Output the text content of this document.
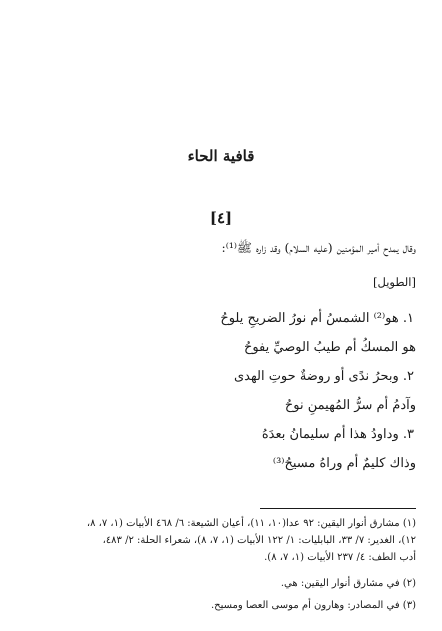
قافية الحاء
[٤]
وقال يمدح أمير المؤمنين (عليه السلام) وقد زاره ﷺ⁽¹⁾:
[الطويل]
١. هو⁽²⁾ الشمسُ أم نورُ الضريحِ يلوحُ
هو المسكُ أم طيبُ الوصيِّ يفوحُ
٢. وبحرُ ندًى أو روضةٌ حوتِ الهدى
وآدمُ أم سرُّ المُهيمنِ نوحُ
٣. وداودُ هذا أم سليمانُ بعدَهُ
وذاك كليمٌ أم وراهُ مسيحُ⁽³⁾
(١) مشارق أنوار اليقين: ٩٢ عدا(١٠، ١١)، أعيان الشيعة: ٦/ ٤٦٨ الأبيات (١، ٧، ٨،
١٢)، الغدير: ٧/ ٣٣، البابليات: ١/ ١٢٢ الأبيات (١، ٧، ٨)، شعراء الحلة: ٢/ ٤٨٣،
أدب الطف: ٤/ ٢٣٧ الأبيات (١، ٧، ٨).
(٢) في مشارق أنوار اليقين: هي.
(٣) في المصادر: وهارون أم موسى العصا ومسيح.
